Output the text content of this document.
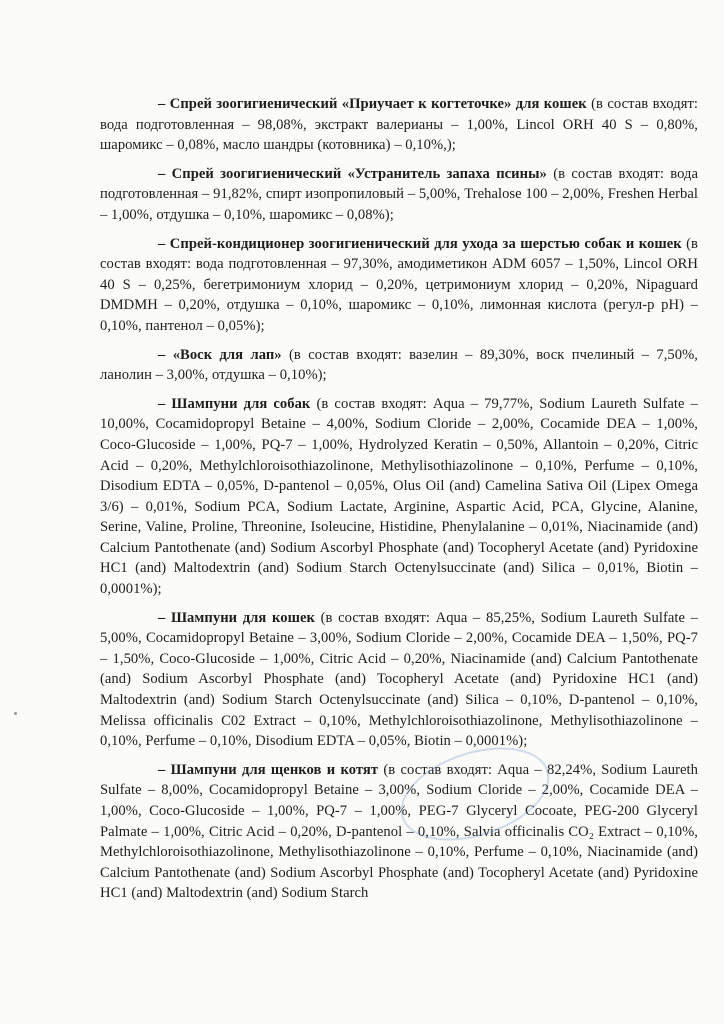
– Спрей зоогигиенический «Приучает к когтеточке» для кошек (в состав входят: вода подготовленная – 98,08%, экстракт валерианы – 1,00%, Lincol ORH 40 S – 0,80%, шаромикс – 0,08%, масло шандры (котовника) – 0,10%,);

– Спрей зоогигиенический «Устранитель запаха псины» (в состав входят: вода подготовленная – 91,82%, спирт изопропиловый – 5,00%, Trehalose 100 – 2,00%, Freshen Herbal – 1,00%, отдушка – 0,10%, шаромикс – 0,08%);

– Спрей-кондиционер зоогигиенический для ухода за шерстью собак и кошек (в состав входят: вода подготовленная – 97,30%, амодиметикон ADM 6057 – 1,50%, Lincol ORH 40 S – 0,25%, бегетримониум хлорид – 0,20%, цетримониум хлорид – 0,20%, Nipaguard DMDMH – 0,20%, отдушка – 0,10%, шаромикс – 0,10%, лимонная кислота (регул-р pH) – 0,10%, пантенол – 0,05%);

– «Воск для лап» (в состав входят: вазелин – 89,30%, воск пчелиный – 7,50%, ланолин – 3,00%, отдушка – 0,10%);

– Шампуни для собак (в состав входят: Aqua – 79,77%, Sodium Laureth Sulfate – 10,00%, Cocamidopropyl Betaine – 4,00%, Sodium Cloride – 2,00%, Cocamide DEA – 1,00%, Coco-Glucoside – 1,00%, PQ-7 – 1,00%, Hydrolyzed Keratin – 0,50%, Allantoin – 0,20%, Citric Acid – 0,20%, Methylchloroisothiazolinone, Methylisothiazolinone – 0,10%, Perfume – 0,10%, Disodium EDTA – 0,05%, D-pantenol – 0,05%, Olus Oil (and) Camelina Sativa Oil (Lipex Omega 3/6) – 0,01%, Sodium PCA, Sodium Lactate, Arginine, Aspartic Acid, PCA, Glycine, Alanine, Serine, Valine, Proline, Threonine, Isoleucine, Histidine, Phenylalanine – 0,01%, Niacinamide (and) Calcium Pantothenate (and) Sodium Ascorbyl Phosphate (and) Tocopheryl Acetate (and) Pyridoxine HC1 (and) Maltodextrin (and) Sodium Starch Octenylsuccinate (and) Silica – 0,01%, Biotin – 0,0001%);

– Шампуни для кошек (в состав входят: Aqua – 85,25%, Sodium Laureth Sulfate – 5,00%, Cocamidopropyl Betaine – 3,00%, Sodium Cloride – 2,00%, Cocamide DEA – 1,50%, PQ-7 – 1,50%, Coco-Glucoside – 1,00%, Citric Acid – 0,20%, Niacinamide (and) Calcium Pantothenate (and) Sodium Ascorbyl Phosphate (and) Tocopheryl Acetate (and) Pyridoxine HC1 (and) Maltodextrin (and) Sodium Starch Octenylsuccinate (and) Silica – 0,10%, D-pantenol – 0,10%, Melissa officinalis C02 Extract – 0,10%, Methylchloroisothiazolinone, Methylisothiazolinone – 0,10%, Perfume – 0,10%, Disodium EDTA – 0,05%, Biotin – 0,0001%);

– Шампуни для щенков и котят (в состав входят: Aqua – 82,24%, Sodium Laureth Sulfate – 8,00%, Cocamidopropyl Betaine – 3,00%, Sodium Cloride – 2,00%, Cocamide DEA – 1,00%, Coco-Glucoside – 1,00%, PQ-7 – 1,00%, PEG-7 Glyceryl Cocoate, PEG-200 Glyceryl Palmate – 1,00%, Citric Acid – 0,20%, D-pantenol – 0,10%, Salvia officinalis CO₂ Extract – 0,10%, Methylchloroisothiazolinone, Methylisothiazolinone – 0,10%, Perfume – 0,10%, Niacinamide (and) Calcium Pantothenate (and) Sodium Ascorbyl Phosphate (and) Tocopheryl Acetate (and) Pyridoxine HC1 (and) Maltodextrin (and) Sodium Starch
